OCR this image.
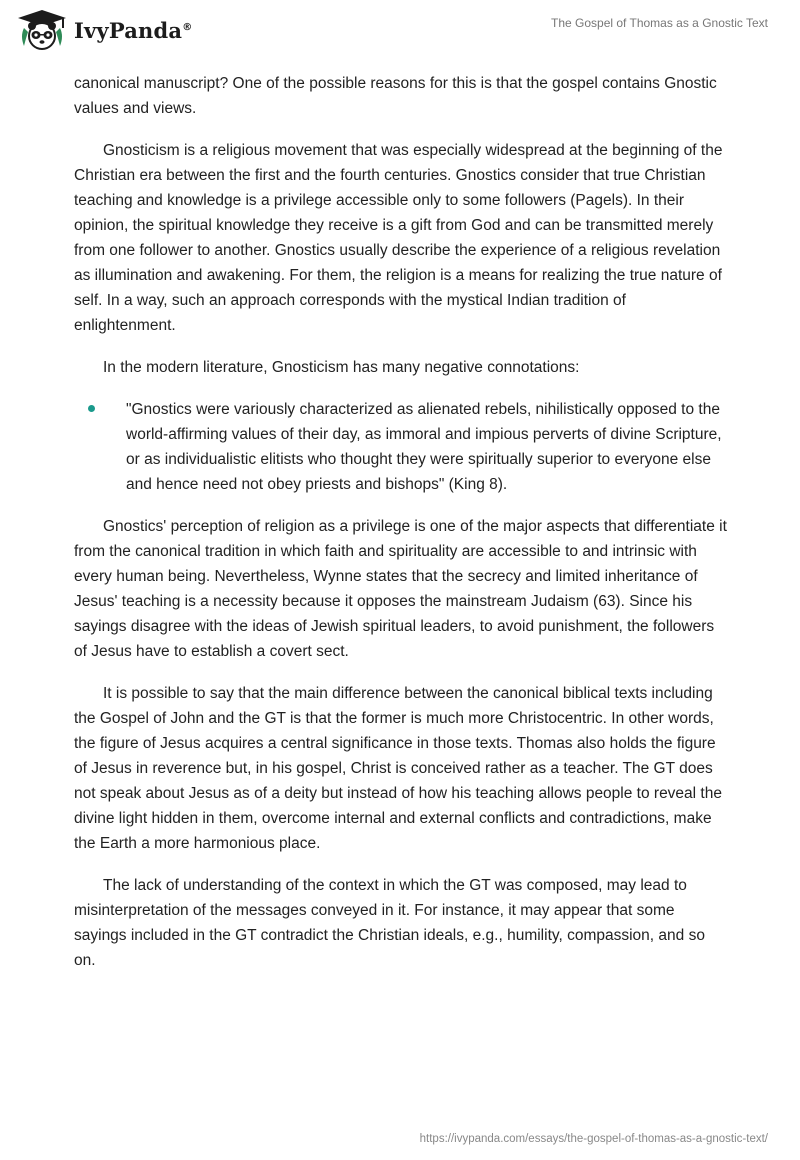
IvyPanda®	The Gospel of Thomas as a Gnostic Text

canonical manuscript? One of the possible reasons for this is that the gospel contains Gnostic values and views.

Gnosticism is a religious movement that was especially widespread at the beginning of the Christian era between the first and the fourth centuries. Gnostics consider that true Christian teaching and knowledge is a privilege accessible only to some followers (Pagels). In their opinion, the spiritual knowledge they receive is a gift from God and can be transmitted merely from one follower to another. Gnostics usually describe the experience of a religious revelation as illumination and awakening. For them, the religion is a means for realizing the true nature of self. In a way, such an approach corresponds with the mystical Indian tradition of enlightenment.

In the modern literature, Gnosticism has many negative connotations:

"Gnostics were variously characterized as alienated rebels, nihilistically opposed to the world-affirming values of their day, as immoral and impious perverts of divine Scripture, or as individualistic elitists who thought they were spiritually superior to everyone else and hence need not obey priests and bishops" (King 8).

Gnostics' perception of religion as a privilege is one of the major aspects that differentiate it from the canonical tradition in which faith and spirituality are accessible to and intrinsic with every human being. Nevertheless, Wynne states that the secrecy and limited inheritance of Jesus' teaching is a necessity because it opposes the mainstream Judaism (63). Since his sayings disagree with the ideas of Jewish spiritual leaders, to avoid punishment, the followers of Jesus have to establish a covert sect.

It is possible to say that the main difference between the canonical biblical texts including the Gospel of John and the GT is that the former is much more Christocentric. In other words, the figure of Jesus acquires a central significance in those texts. Thomas also holds the figure of Jesus in reverence but, in his gospel, Christ is conceived rather as a teacher. The GT does not speak about Jesus as of a deity but instead of how his teaching allows people to reveal the divine light hidden in them, overcome internal and external conflicts and contradictions, make the Earth a more harmonious place.

The lack of understanding of the context in which the GT was composed, may lead to misinterpretation of the messages conveyed in it. For instance, it may appear that some sayings included in the GT contradict the Christian ideals, e.g., humility, compassion, and so on.

https://ivypanda.com/essays/the-gospel-of-thomas-as-a-gnostic-text/
